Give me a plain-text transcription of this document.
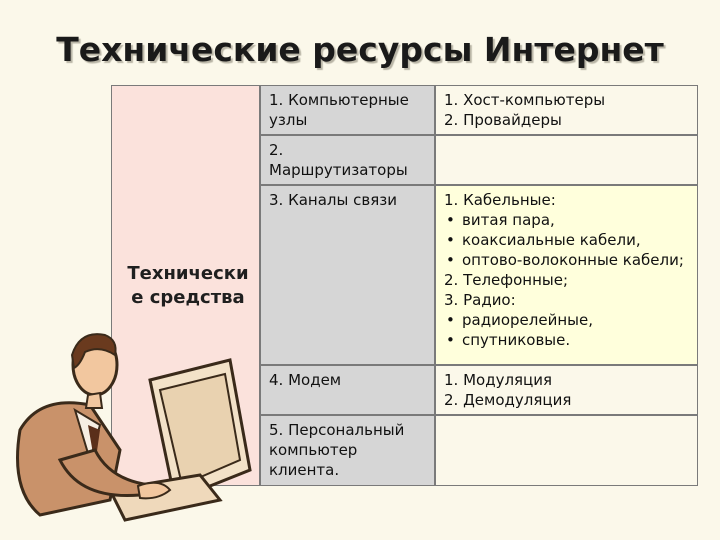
Технические ресурсы Интернет
Технически
е средства
1. Компьютерные узлы
1. Хост-компьютеры
2. Провайдеры
2. Маршрутизаторы
3. Каналы связи	1. Кабельные:
• витая пара,
• коаксиальные кабели,
• оптово-волоконные кабели;
2. Телефонные;
3. Радио:
• радиорелейные,
• спутниковые.
4. Модем	1. Модуляция
2. Демодуляция
5. Персональный компьютер клиента.
